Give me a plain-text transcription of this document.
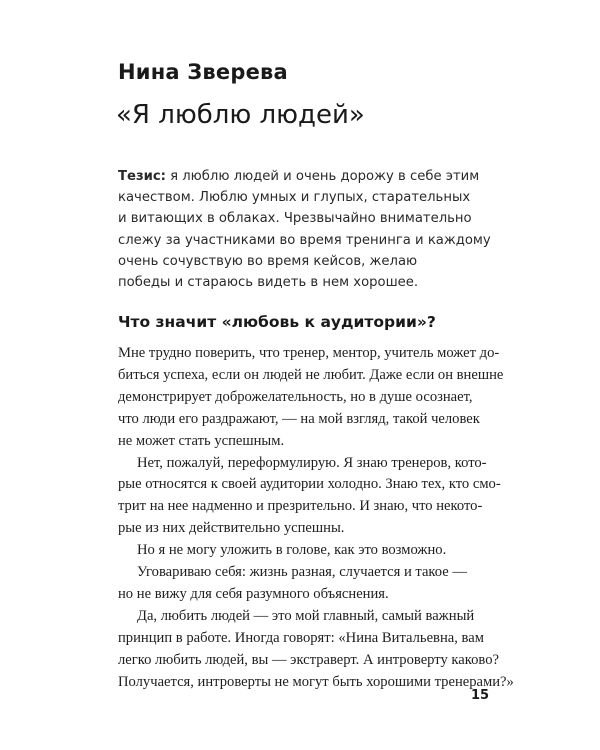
Нина Зверева
«Я люблю людей»
Тезис: я люблю людей и очень дорожу в себе этим
качеством. Люблю умных и глупых, старательных
и витающих в облаках. Чрезвычайно внимательно
слежу за участниками во время тренинга и каждому
очень сочувствую во время кейсов, желаю
победы и стараюсь видеть в нем хорошее.
Что значит «любовь к аудитории»?
Мне трудно поверить, что тренер, ментор, учитель может до-
биться успеха, если он людей не любит. Даже если он внешне
демонстрирует доброжелательность, но в душе осознает,
что люди его раздражают, — на мой взгляд, такой человек
не может стать успешным.
Нет, пожалуй, переформулирую. Я знаю тренеров, кото-
рые относятся к своей аудитории холодно. Знаю тех, кто смо-
трит на нее надменно и презрительно. И знаю, что некото-
рые из них действительно успешны.
Но я не могу уложить в голове, как это возможно.
Уговариваю себя: жизнь разная, случается и такое —
но не вижу для себя разумного объяснения.
Да, любить людей — это мой главный, самый важный
принцип в работе. Иногда говорят: «Нина Витальевна, вам
легко любить людей, вы — экстраверт. А интроверту каково?
Получается, интроверты не могут быть хорошими тренерами?»
15
